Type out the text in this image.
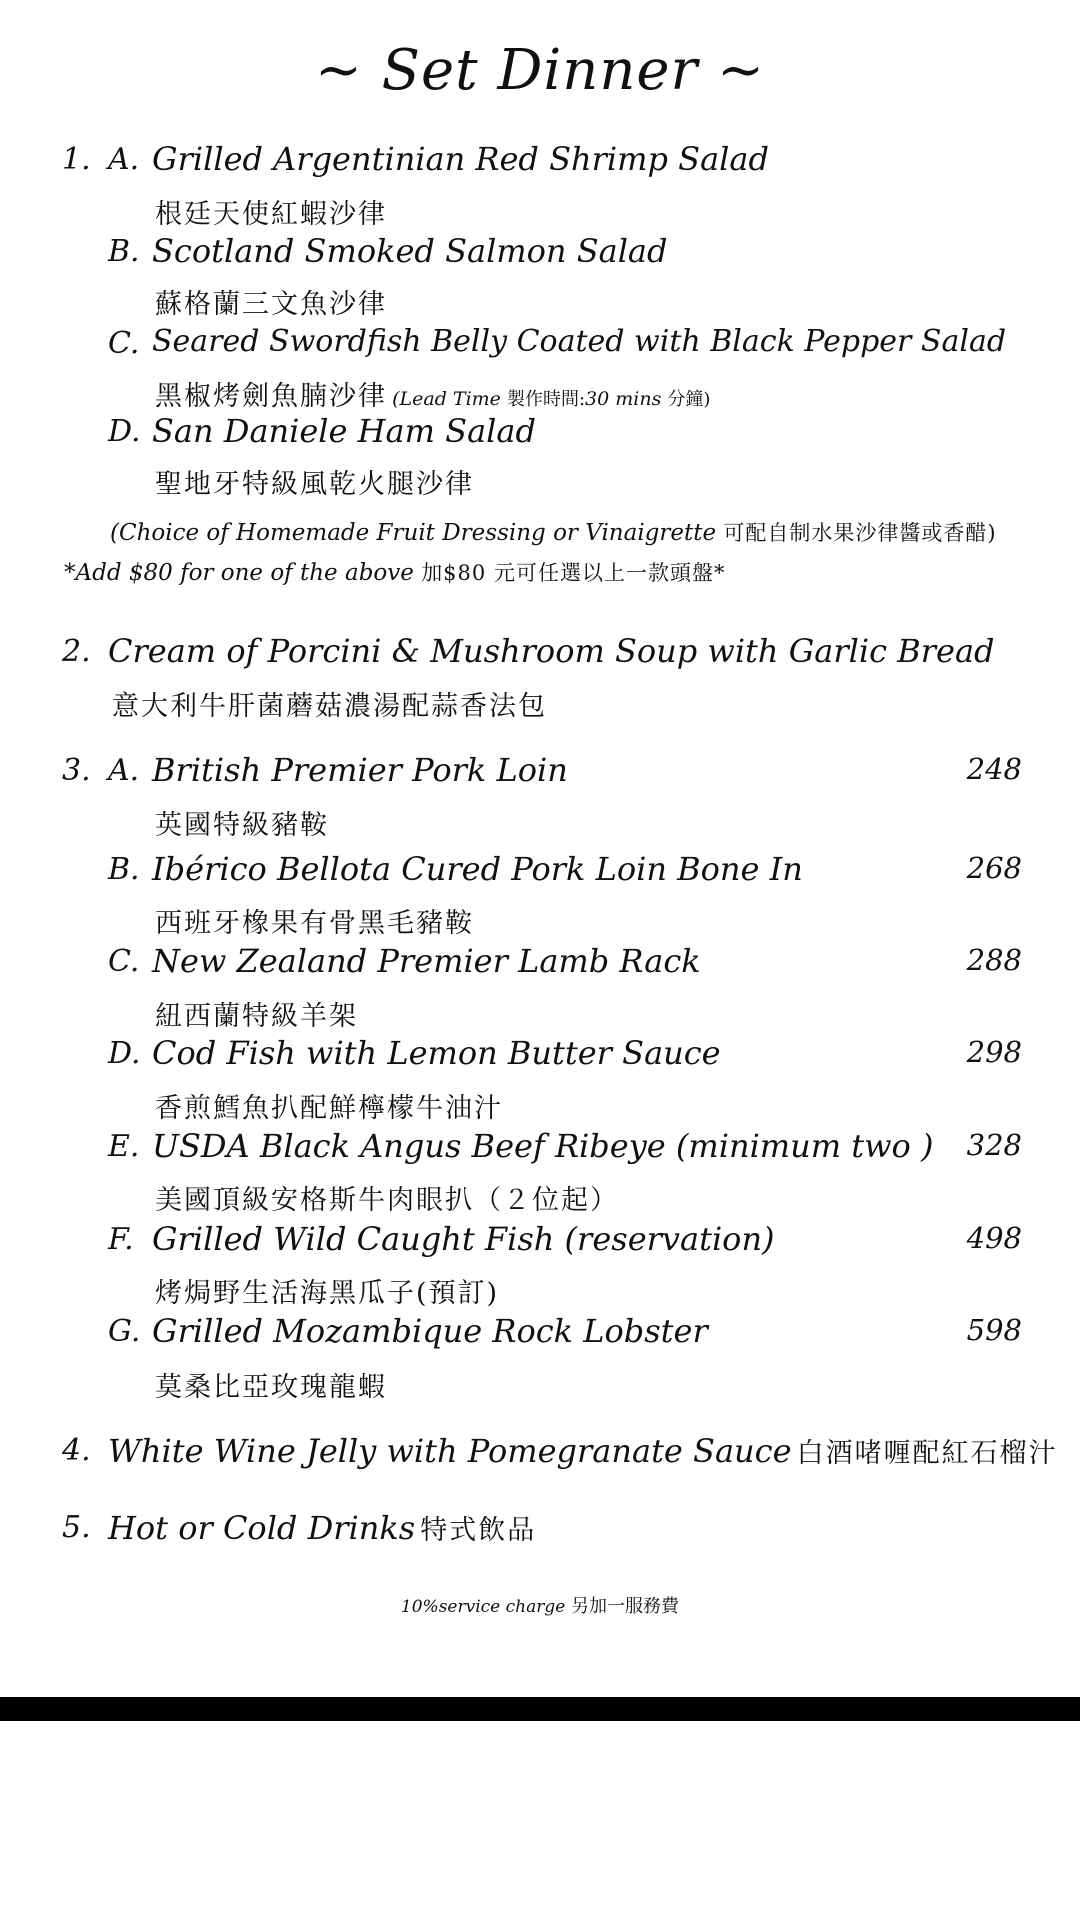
~ Set Dinner ~
1. A. Grilled Argentinian Red Shrimp Salad
根廷天使紅蝦沙律
B. Scotland Smoked Salmon Salad
蘇格蘭三文魚沙律
C. Seared Swordfish Belly Coated with Black Pepper Salad
黑椒烤劍魚腩沙律 (Lead Time 製作時間:30 mins 分鐘)
D. San Daniele Ham Salad
聖地牙特級風乾火腿沙律
(Choice of Homemade Fruit Dressing or Vinaigrette 可配自制水果沙律醬或香醋)
*Add $80 for one of the above 加$80 元可任選以上一款頭盤*
2. Cream of Porcini & Mushroom Soup with Garlic Bread
意大利牛肝菌蘑菇濃湯配蒜香法包
3. A. British Premier Pork Loin	248
英國特級豬鞍
B. Ibérico Bellota Cured Pork Loin Bone In	268
西班牙橡果有骨黑毛豬鞍
C. New Zealand Premier Lamb Rack	288
紐西蘭特級羊架
D. Cod Fish with Lemon Butter Sauce	298
香煎鱈魚扒配鮮檸檬牛油汁
E. USDA Black Angus Beef Ribeye (minimum two ) 328
美國頂級安格斯牛肉眼扒（２位起）
F. Grilled Wild Caught Fish (reservation)	498
烤焗野生活海黑瓜子(預訂)
G. Grilled Mozambique Rock Lobster	598
莫桑比亞玫瑰龍蝦
4. White Wine Jelly with Pomegranate Sauce 白酒啫喱配紅石榴汁
5. Hot or Cold Drinks 特式飲品
10%service charge 另加一服務費
